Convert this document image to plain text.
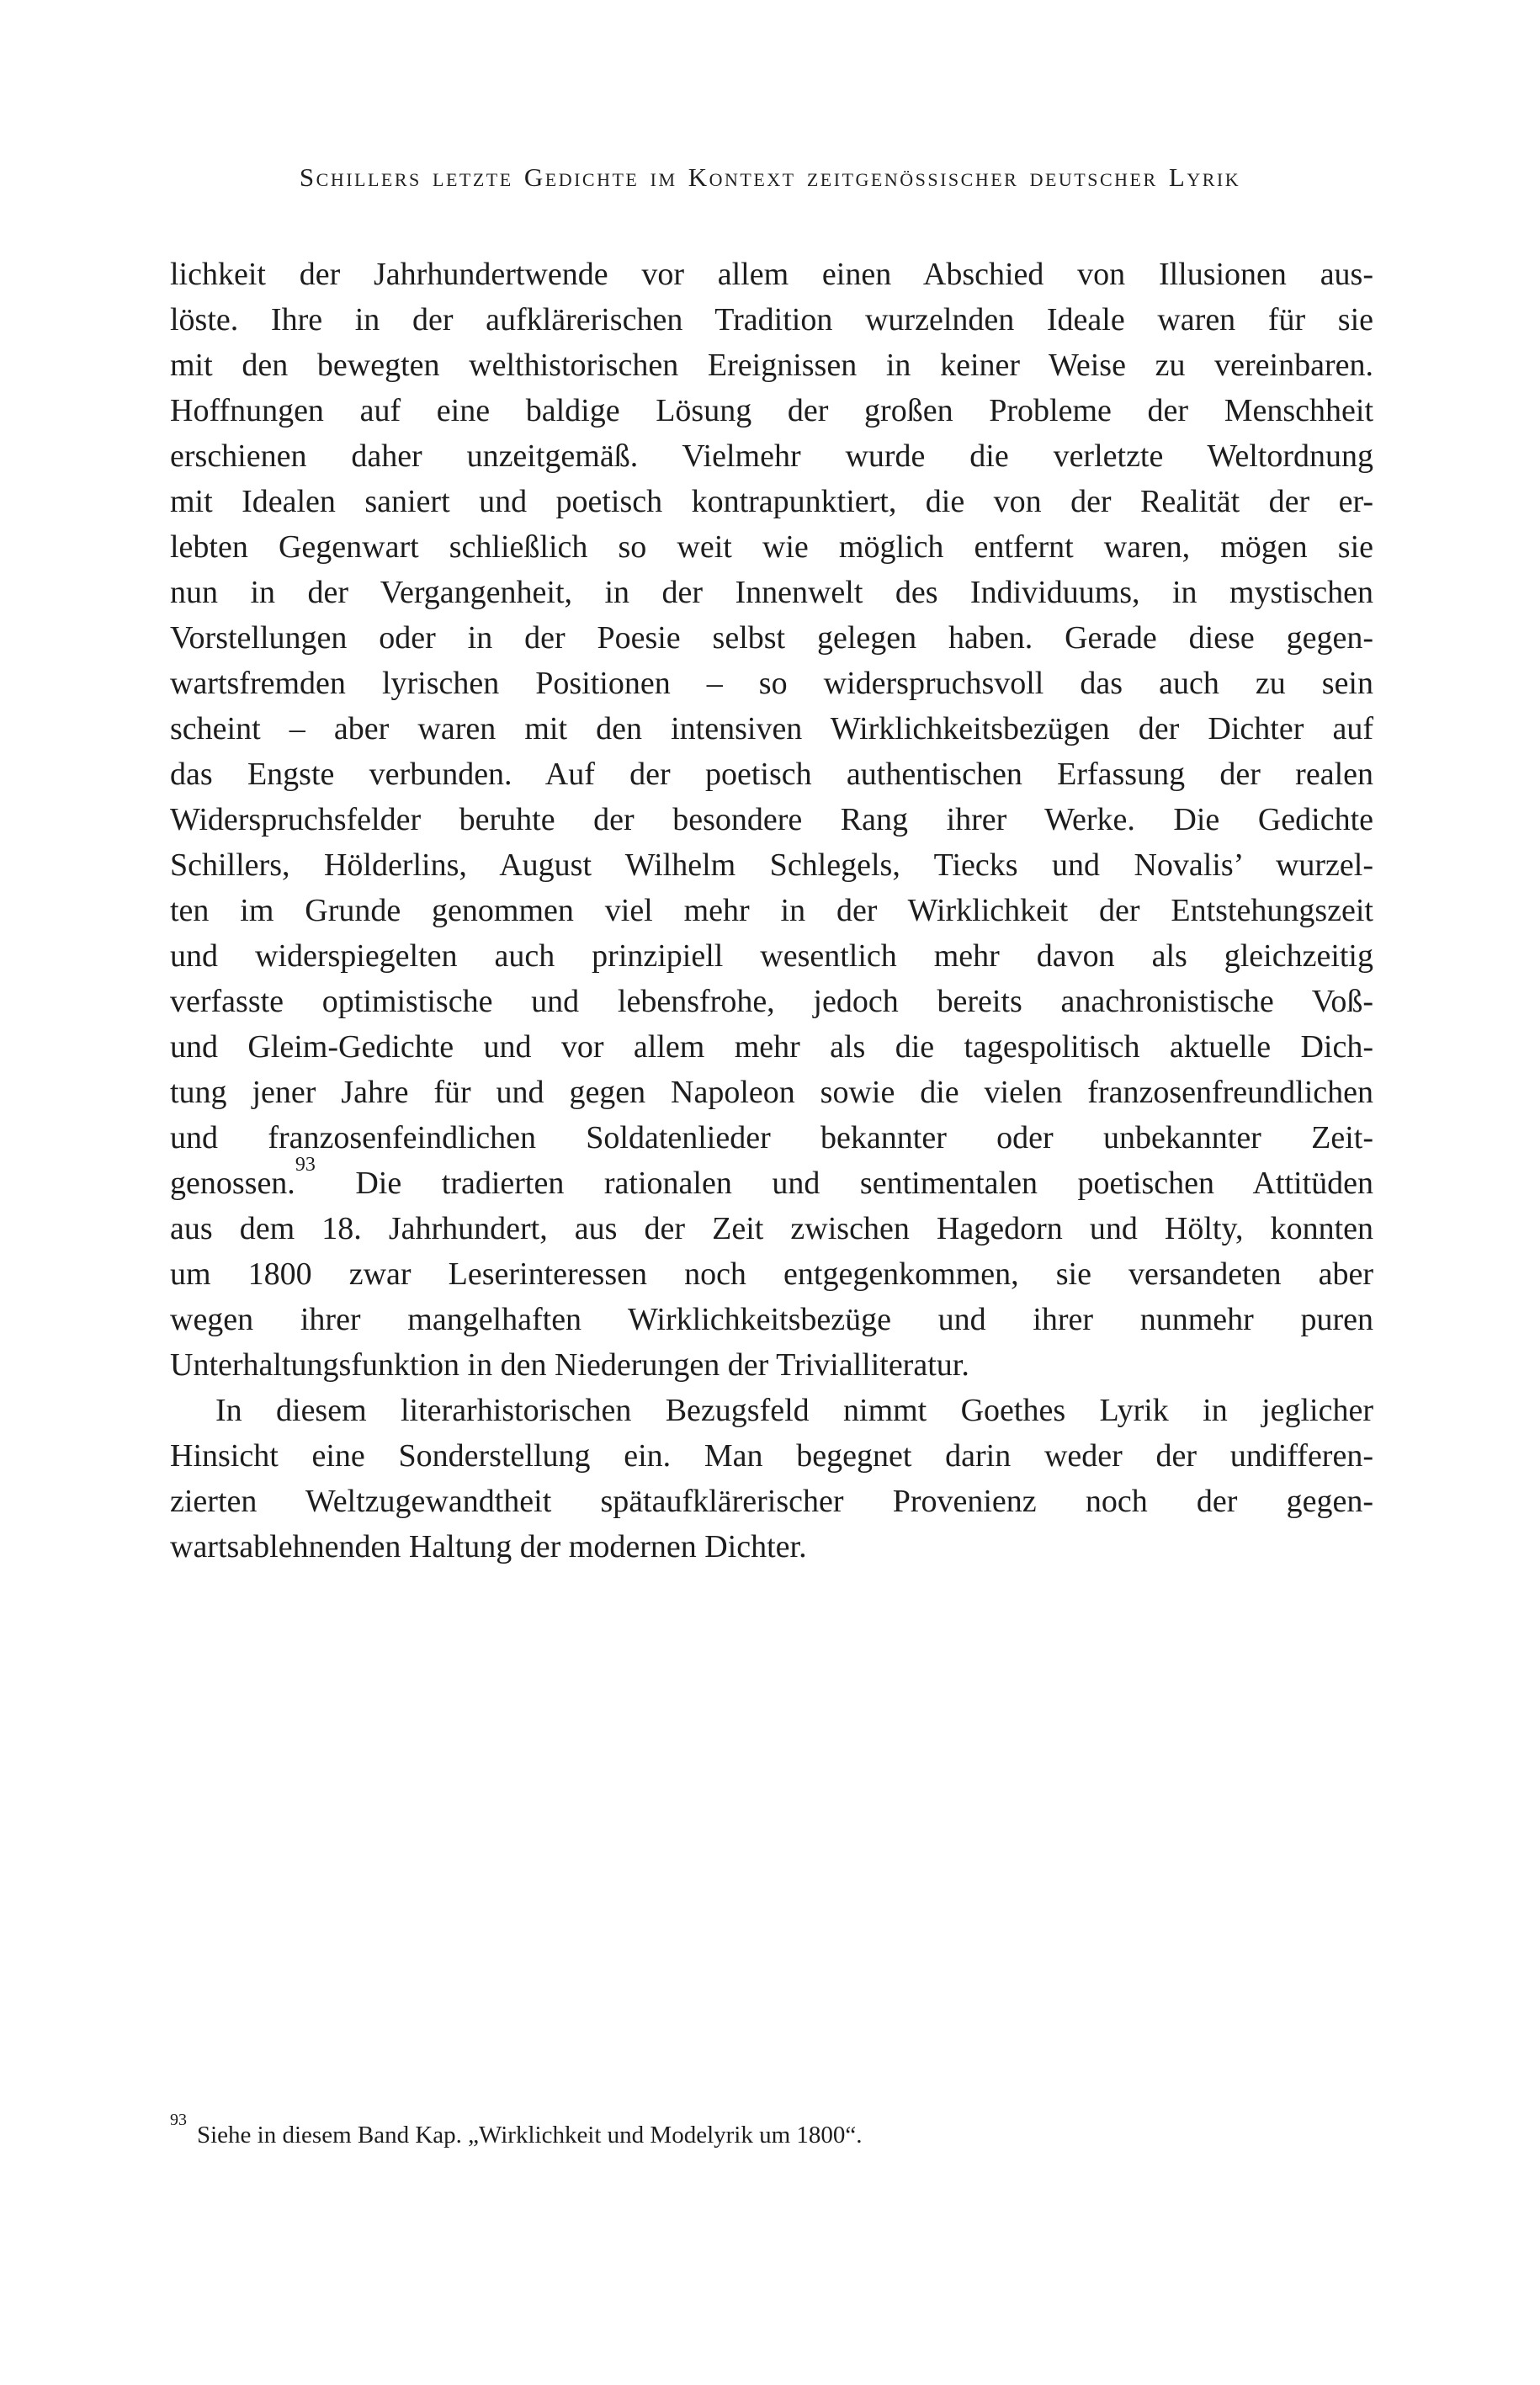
Schillers letzte Gedichte im Kontext zeitgenössischer deutscher Lyrik
lichkeit der Jahrhundertwende vor allem einen Abschied von Illusionen aus-
löste. Ihre in der aufklärerischen Tradition wurzelnden Ideale waren für sie
mit den bewegten welthistorischen Ereignissen in keiner Weise zu vereinbaren.
Hoffnungen auf eine baldige Lösung der großen Probleme der Menschheit
erschienen daher unzeitgemäß. Vielmehr wurde die verletzte Weltordnung
mit Idealen saniert und poetisch kontrapunktiert, die von der Realität der er-
lebten Gegenwart schließlich so weit wie möglich entfernt waren, mögen sie
nun in der Vergangenheit, in der Innenwelt des Individuums, in mystischen
Vorstellungen oder in der Poesie selbst gelegen haben. Gerade diese gegen-
wartsfremden lyrischen Positionen – so widerspruchsvoll das auch zu sein
scheint – aber waren mit den intensiven Wirklichkeitsbezügen der Dichter auf
das Engste verbunden. Auf der poetisch authentischen Erfassung der realen
Widerspruchsfelder beruhte der besondere Rang ihrer Werke. Die Gedichte
Schillers, Hölderlins, August Wilhelm Schlegels, Tiecks und Novalis’ wurzel-
ten im Grunde genommen viel mehr in der Wirklichkeit der Entstehungszeit
und widerspiegelten auch prinzipiell wesentlich mehr davon als gleichzeitig
verfasste optimistische und lebensfrohe, jedoch bereits anachronistische Voß-
und Gleim-Gedichte und vor allem mehr als die tagespolitisch aktuelle Dich-
tung jener Jahre für und gegen Napoleon sowie die vielen franzosenfreundlichen
und franzosenfeindlichen Soldatenlieder bekannter oder unbekannter Zeit-
genossen.$^{93}$ Die tradierten rationalen und sentimentalen poetischen Attitüden
aus dem 18. Jahrhundert, aus der Zeit zwischen Hagedorn und Hölty, konnten
um 1800 zwar Leserinteressen noch entgegenkommen, sie versandeten aber
wegen ihrer mangelhaften Wirklichkeitsbezüge und ihrer nunmehr puren
Unterhaltungsfunktion in den Niederungen der Trivialliteratur.
In diesem literarhistorischen Bezugsfeld nimmt Goethes Lyrik in jeglicher
Hinsicht eine Sonderstellung ein. Man begegnet darin weder der undifferen-
zierten Weltzugewandtheit spätaufklärerischer Provenienz noch der gegen-
wartsablehnenden Haltung der modernen Dichter.
$^{93}$Siehe in diesem Band Kap. „Wirklichkeit und Modelyrik um 1800“.
